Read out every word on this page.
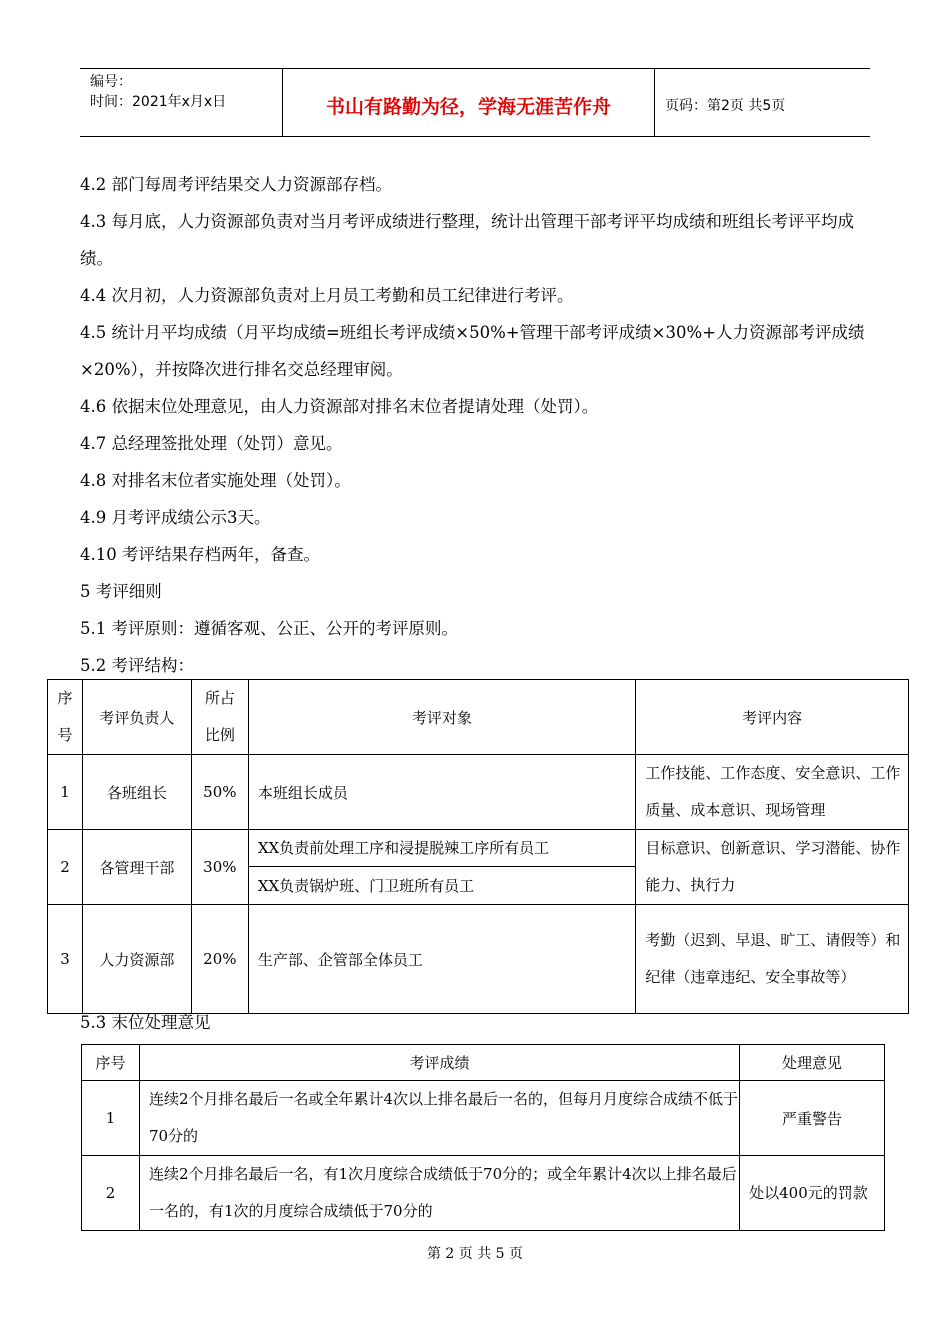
编号：
时间：2021年x月x日	书山有路勤为径，学海无涯苦作舟	页码：第2页 共5页

4.2 部门每周考评结果交人力资源部存档。

4.3 每月底，人力资源部负责对当月考评成绩进行整理，统计出管理干部考评平均成绩和班组长考评平均成绩。

4.4 次月初，人力资源部负责对上月员工考勤和员工纪律进行考评。

4.5 统计月平均成绩（月平均成绩=班组长考评成绩×50%+管理干部考评成绩×30%+人力资源部考评成绩×20%），并按降次进行排名交总经理审阅。

4.6 依据末位处理意见，由人力资源部对排名末位者提请处理（处罚）。

4.7 总经理签批处理（处罚）意见。

4.8 对排名末位者实施处理（处罚）。

4.9 月考评成绩公示3天。

4.10 考评结果存档两年，备查。

5 考评细则

5.1 考评原则：遵循客观、公正、公开的考评原则。

5.2 考评结构：

序号	考评负责人	所占比例	考评对象	考评内容
1	各班组长	50%	本班组长成员	工作技能、工作态度、安全意识、工作质量、成本意识、现场管理
2	各管理干部	30%	XX负责前处理工序和浸提脱辣工序所有员工	目标意识、创新意识、学习潜能、协作能力、执行力
			XX负责锅炉班、门卫班所有员工	
3	人力资源部	20%	生产部、企管部全体员工	考勤（迟到、早退、旷工、请假等）和纪律（违章违纪、安全事故等）
5.3 末位处理意见
序号	考评成绩	处理意见
1	连续2个月排名最后一名或全年累计4次以上排名最后一名的，但每月月度综合成绩不低于70分的	严重警告
2	连续2个月排名最后一名，有1次月度综合成绩低于70分的；或全年累计4次以上排名最后一名的，有1次的月度综合成绩低于70分的	处以400元的罚款
第 2 页 共 5 页
